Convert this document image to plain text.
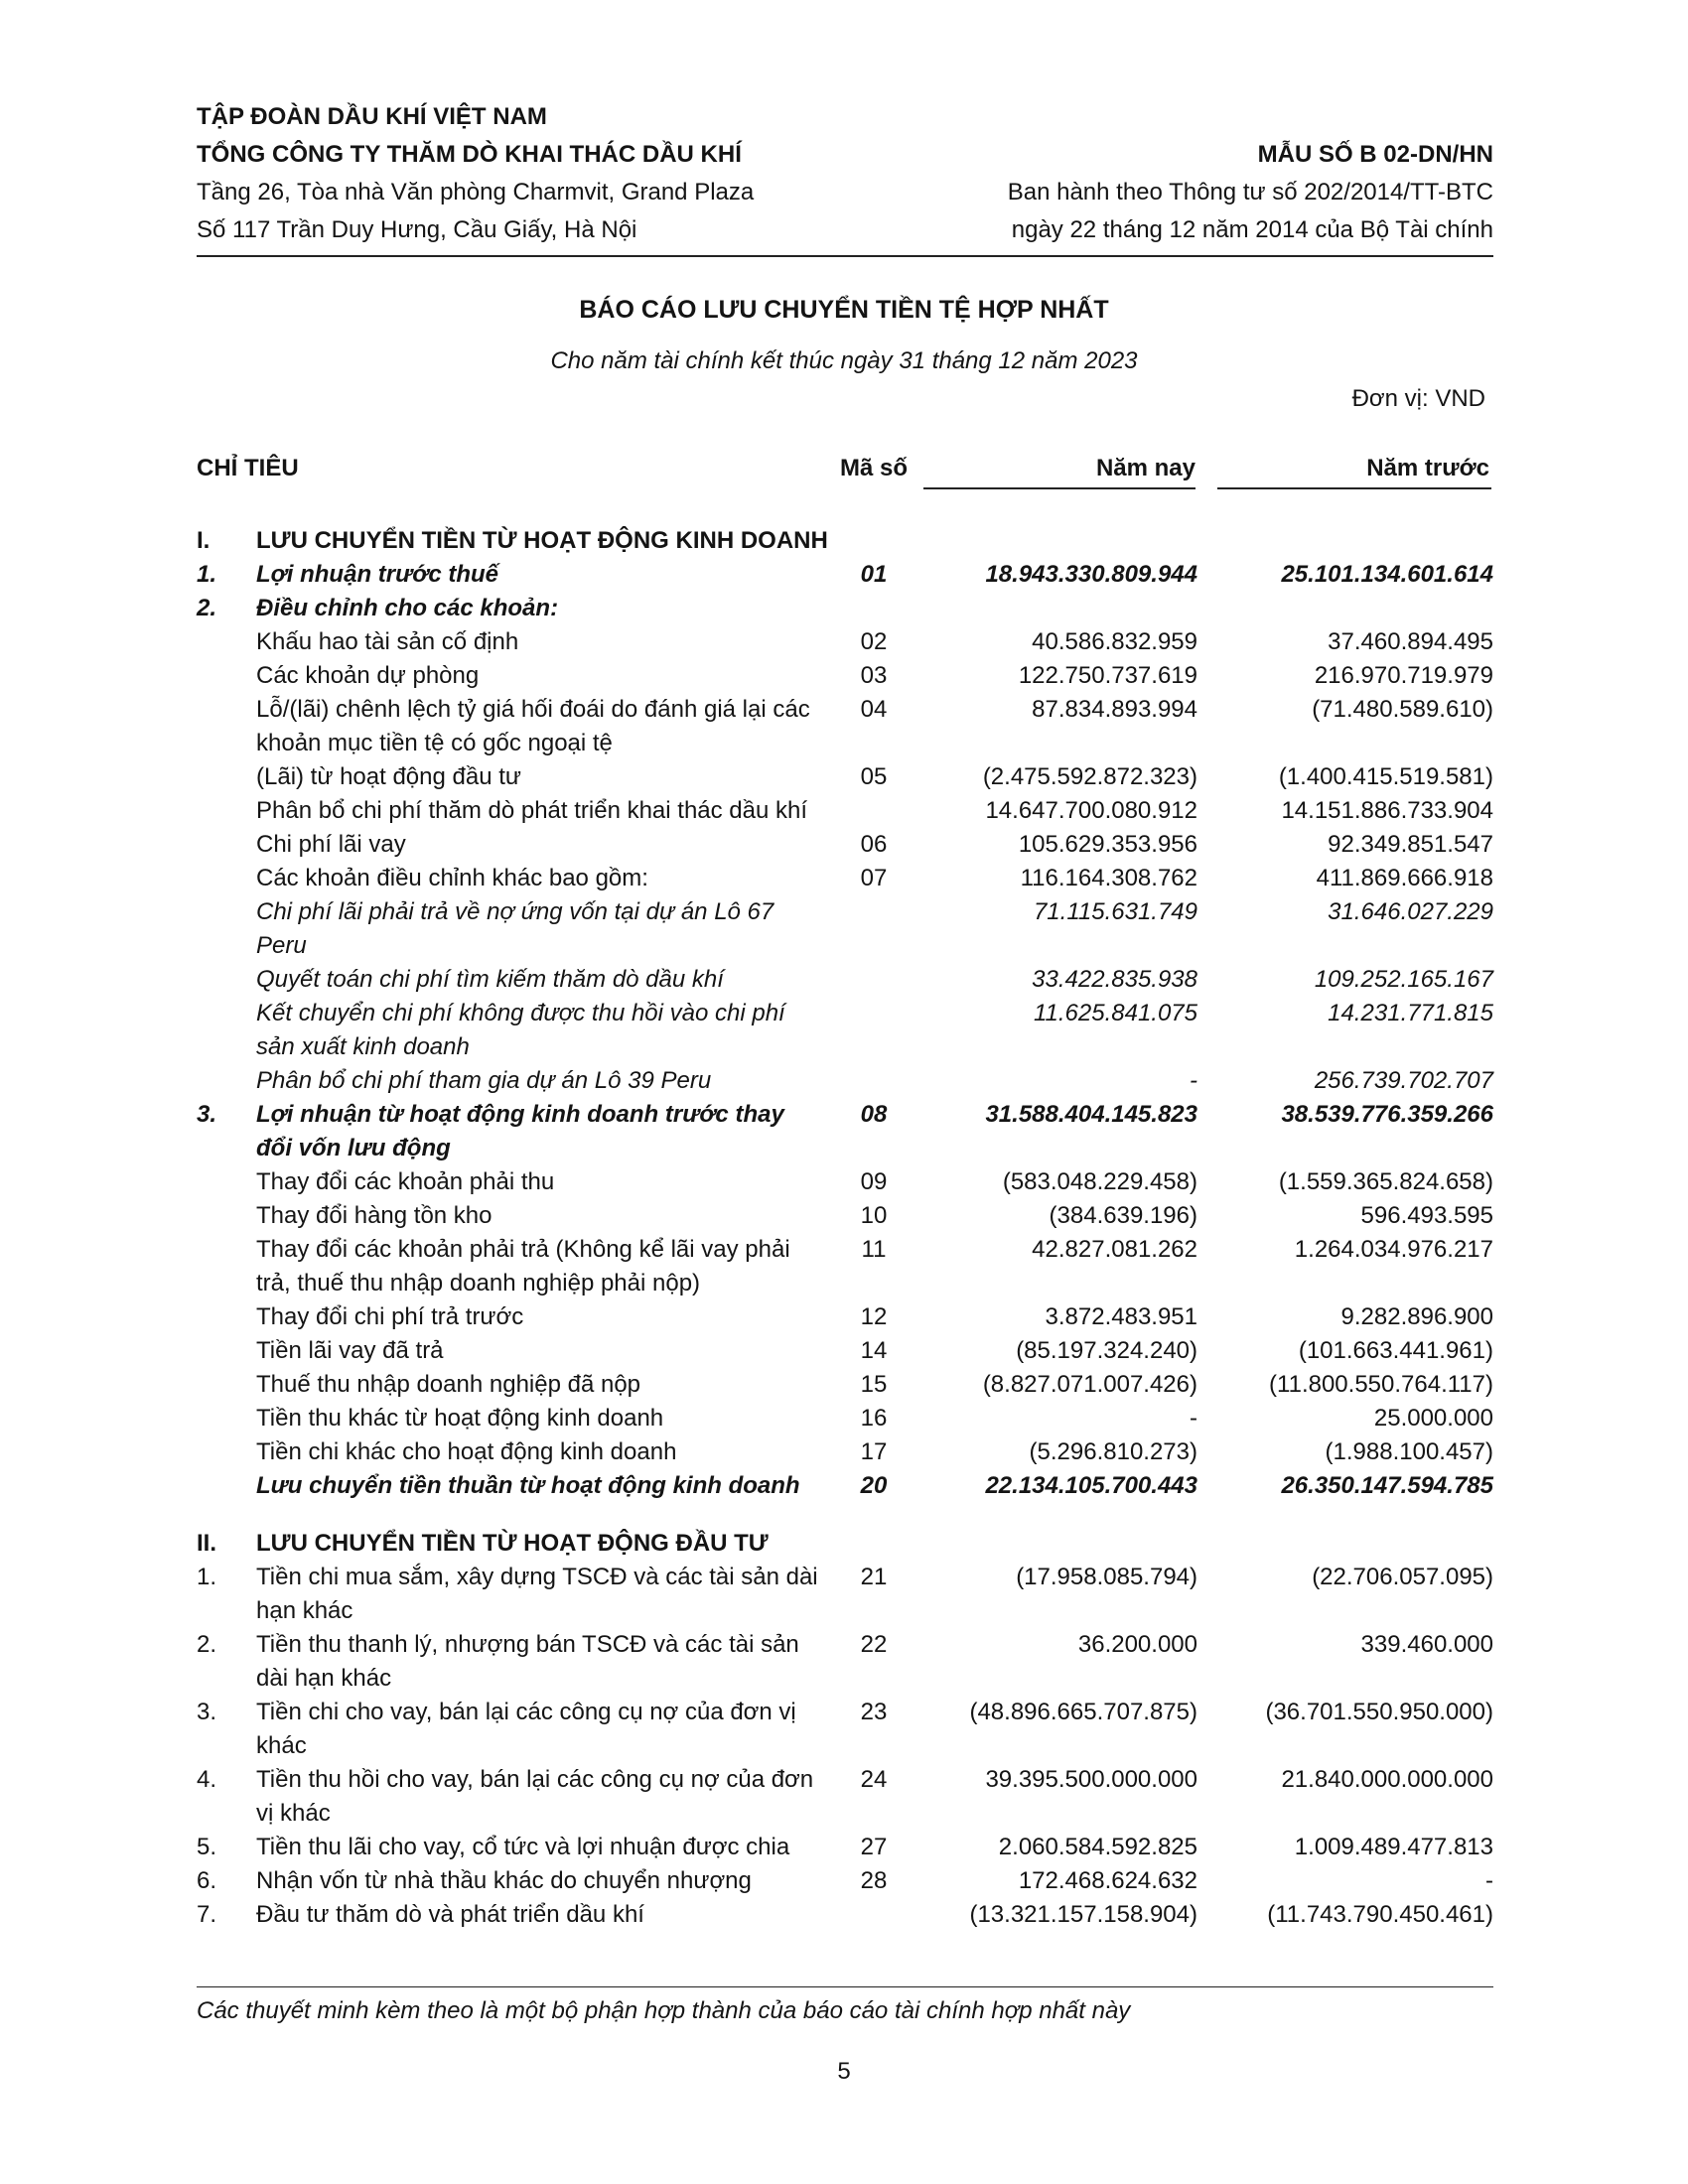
TẬP ĐOÀN DẦU KHÍ VIỆT NAM
TỔNG CÔNG TY THĂM DÒ KHAI THÁC DẦU KHÍ
Tầng 26, Tòa nhà Văn phòng Charmvit, Grand Plaza
Số 117 Trần Duy Hưng, Cầu Giấy, Hà Nội
MẪU SỐ B 02-DN/HN
Ban hành theo Thông tư số 202/2014/TT-BTC
ngày 22 tháng 12 năm 2014 của Bộ Tài chính
BÁO CÁO LƯU CHUYỂN TIỀN TỆ HỢP NHẤT
Cho năm tài chính kết thúc ngày 31 tháng 12 năm 2023
Đơn vị: VND
CHỈ TIÊU	Mã số	Năm nay	Năm trước
I.	LƯU CHUYỂN TIỀN TỪ HOẠT ĐỘNG KINH DOANH			
1.	Lợi nhuận trước thuế	01	18.943.330.809.944	25.101.134.601.614
2.	Điều chỉnh cho các khoản:			
	Khấu hao tài sản cố định	02	40.586.832.959	37.460.894.495
	Các khoản dự phòng	03	122.750.737.619	216.970.719.979
	Lỗ/(lãi) chênh lệch tỷ giá hối đoái do đánh giá lại các khoản mục tiền tệ có gốc ngoại tệ	04	87.834.893.994	(71.480.589.610)
	(Lãi) từ hoạt động đầu tư	05	(2.475.592.872.323)	(1.400.415.519.581)
	Phân bổ chi phí thăm dò phát triển khai thác dầu khí		14.647.700.080.912	14.151.886.733.904
	Chi phí lãi vay	06	105.629.353.956	92.349.851.547
	Các khoản điều chỉnh khác bao gồm:	07	116.164.308.762	411.869.666.918
	Chi phí lãi phải trả về nợ ứng vốn tại dự án Lô 67 Peru		71.115.631.749	31.646.027.229
	Quyết toán chi phí tìm kiếm thăm dò dầu khí		33.422.835.938	109.252.165.167
	Kết chuyển chi phí không được thu hồi vào chi phí sản xuất kinh doanh		11.625.841.075	14.231.771.815
	Phân bổ chi phí tham gia dự án Lô 39 Peru		-	256.739.702.707
3.	Lợi nhuận từ hoạt động kinh doanh trước thay đổi vốn lưu động	08	31.588.404.145.823	38.539.776.359.266
	Thay đổi các khoản phải thu	09	(583.048.229.458)	(1.559.365.824.658)
	Thay đổi hàng tồn kho	10	(384.639.196)	596.493.595
	Thay đổi các khoản phải trả (Không kể lãi vay phải trả, thuế thu nhập doanh nghiệp phải nộp)	11	42.827.081.262	1.264.034.976.217
	Thay đổi chi phí trả trước	12	3.872.483.951	9.282.896.900
	Tiền lãi vay đã trả	14	(85.197.324.240)	(101.663.441.961)
	Thuế thu nhập doanh nghiệp đã nộp	15	(8.827.071.007.426)	(11.800.550.764.117)
	Tiền thu khác từ hoạt động kinh doanh	16	-	25.000.000
	Tiền chi khác cho hoạt động kinh doanh	17	(5.296.810.273)	(1.988.100.457)
	Lưu chuyển tiền thuần từ hoạt động kinh doanh	20	22.134.105.700.443	26.350.147.594.785

II.	LƯU CHUYỂN TIỀN TỪ HOẠT ĐỘNG ĐẦU TƯ			
1.	Tiền chi mua sắm, xây dựng TSCĐ và các tài sản dài hạn khác	21	(17.958.085.794)	(22.706.057.095)
2.	Tiền thu thanh lý, nhượng bán TSCĐ và các tài sản dài hạn khác	22	36.200.000	339.460.000
3.	Tiền chi cho vay, bán lại các công cụ nợ của đơn vị khác	23	(48.896.665.707.875)	(36.701.550.950.000)
4.	Tiền thu hồi cho vay, bán lại các công cụ nợ của đơn vị khác	24	39.395.500.000.000	21.840.000.000.000
5.	Tiền thu lãi cho vay, cổ tức và lợi nhuận được chia	27	2.060.584.592.825	1.009.489.477.813
6.	Nhận vốn từ nhà thầu khác do chuyển nhượng	28	172.468.624.632	-
7.	Đầu tư thăm dò và phát triển dầu khí		(13.321.157.158.904)	(11.743.790.450.461)
Các thuyết minh kèm theo là một bộ phận hợp thành của báo cáo tài chính hợp nhất này
5
